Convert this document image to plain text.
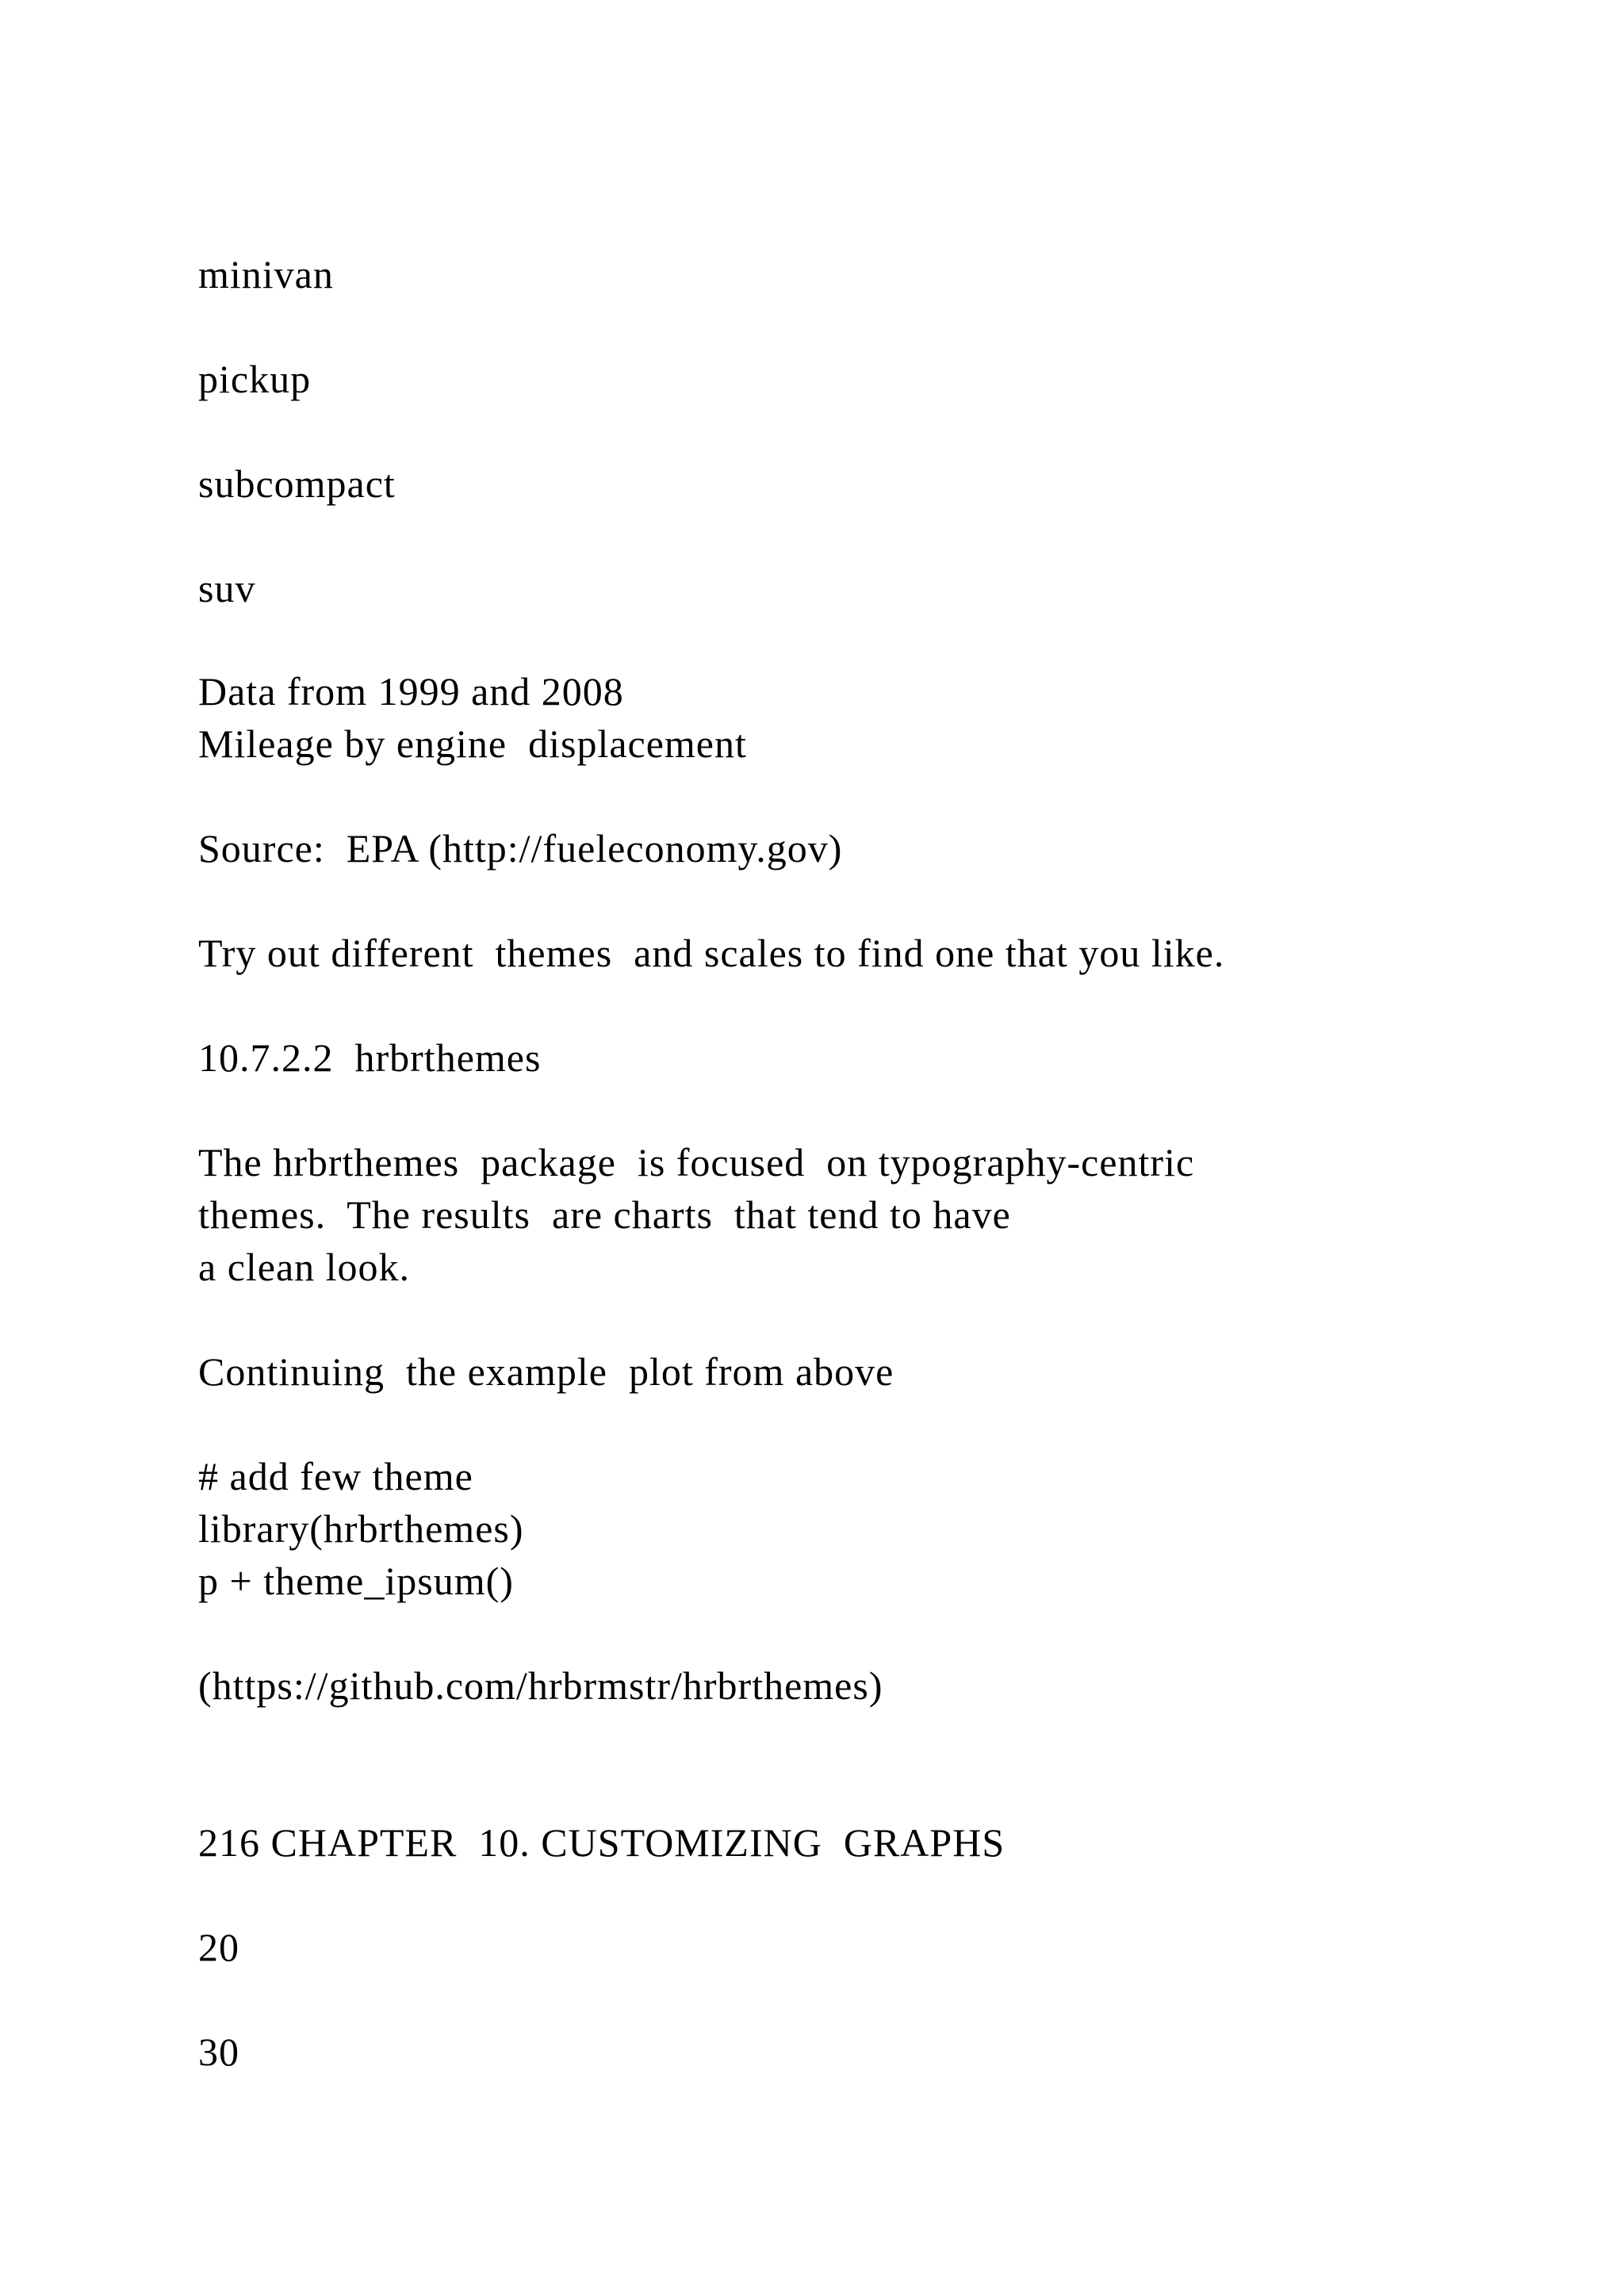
minivan
pickup
subcompact
suv
Data from 1999 and 2008
Mileage by engine  displacement
Source:  EPA (http://fueleconomy.gov)
Try out different  themes  and scales to find one that you like.
10.7.2.2  hrbrthemes
The hrbrthemes  package  is focused  on typography-centric
themes.  The results  are charts  that tend to have
a clean look.
Continuing  the example  plot from above
# add few theme
library(hrbrthemes)
p + theme_ipsum()
(https://github.com/hrbrmstr/hrbrthemes)
216 CHAPTER  10. CUSTOMIZING  GRAPHS
20
30
